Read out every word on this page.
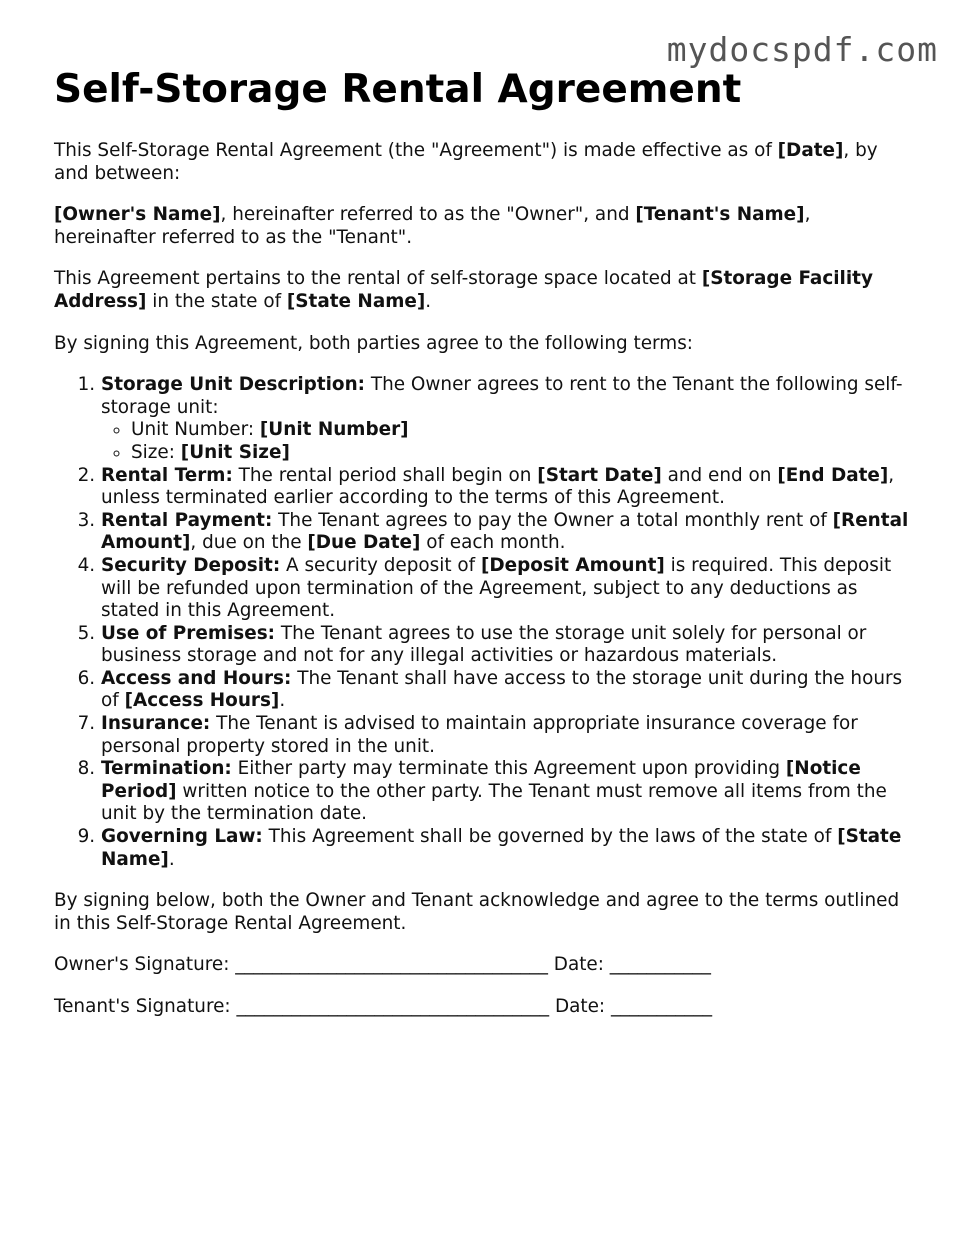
mydocspdf.com
Self-Storage Rental Agreement

This Self-Storage Rental Agreement (the "Agreement") is made effective as of [Date], by and between:

[Owner's Name], hereinafter referred to as the "Owner", and [Tenant's Name], hereinafter referred to as the "Tenant".

This Agreement pertains to the rental of self-storage space located at [Storage Facility Address] in the state of [State Name].

By signing this Agreement, both parties agree to the following terms:

1. Storage Unit Description: The Owner agrees to rent to the Tenant the following self-storage unit:
◦ Unit Number: [Unit Number]
◦ Size: [Unit Size]
2. Rental Term: The rental period shall begin on [Start Date] and end on [End Date], unless terminated earlier according to the terms of this Agreement.
3. Rental Payment: The Tenant agrees to pay the Owner a total monthly rent of [Rental Amount], due on the [Due Date] of each month.
4. Security Deposit: A security deposit of [Deposit Amount] is required. This deposit will be refunded upon termination of the Agreement, subject to any deductions as stated in this Agreement.
5. Use of Premises: The Tenant agrees to use the storage unit solely for personal or business storage and not for any illegal activities or hazardous materials.
6. Access and Hours: The Tenant shall have access to the storage unit during the hours of [Access Hours].
7. Insurance: The Tenant is advised to maintain appropriate insurance coverage for personal property stored in the unit.
8. Termination: Either party may terminate this Agreement upon providing [Notice Period] written notice to the other party. The Tenant must remove all items from the unit by the termination date.
9. Governing Law: This Agreement shall be governed by the laws of the state of [State Name].

By signing below, both the Owner and Tenant acknowledge and agree to the terms outlined in this Self-Storage Rental Agreement.

Owner's Signature: __________________________________ Date: ___________

Tenant's Signature: __________________________________ Date: ___________
